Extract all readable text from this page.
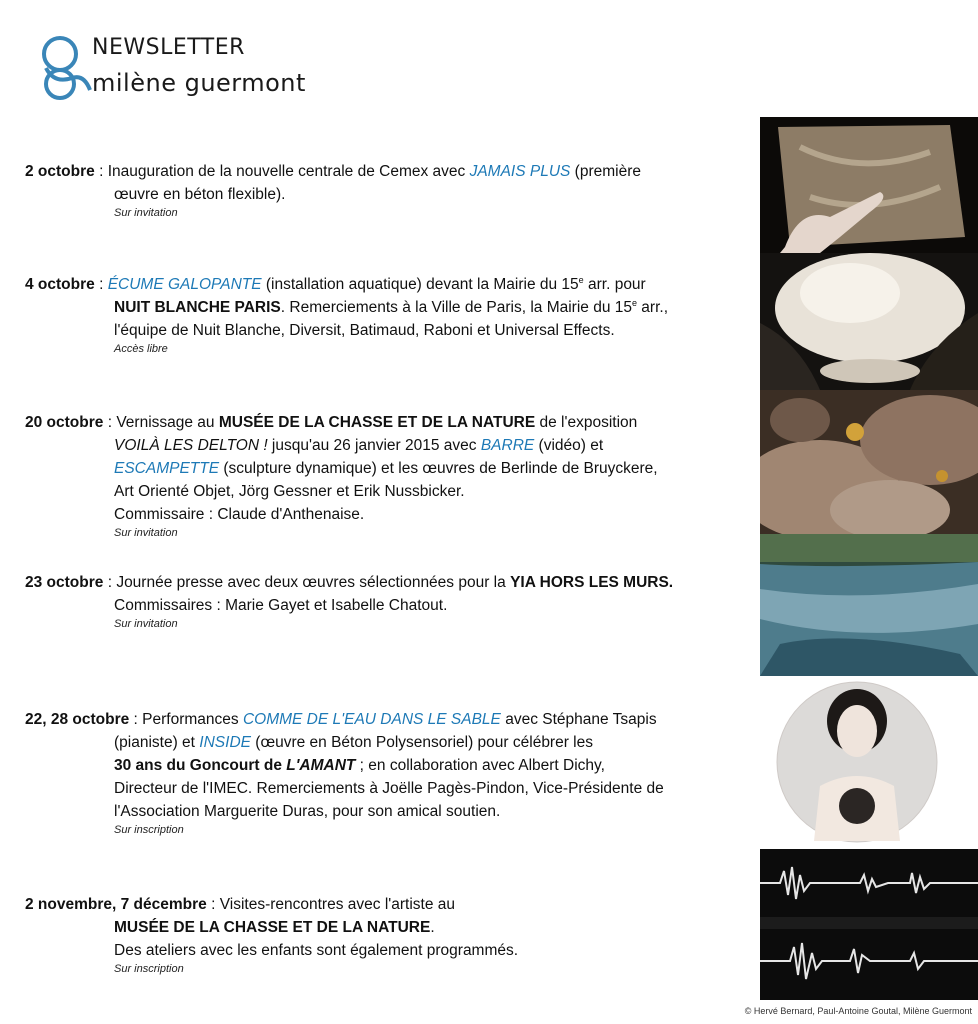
NEWSLETTER
milène guermont
2 octobre : Inauguration de la nouvelle centrale de Cemex avec JAMAIS PLUS (première
œuvre en béton flexible).
Sur invitation
4 octobre : ÉCUME GALOPANTE (installation aquatique) devant la Mairie du 15e arr. pour
NUIT BLANCHE PARIS. Remerciements à la Ville de Paris, la Mairie du 15e arr.,
l'équipe de Nuit Blanche, Diversit, Batimaud, Raboni et Universal Effects.
Accès libre
20 octobre : Vernissage au MUSÉE DE LA CHASSE ET DE LA NATURE de l'exposition
VOILÀ LES DELTON ! jusqu'au 26 janvier 2015 avec BARRE (vidéo) et
ESCAMPETTE (sculpture dynamique) et les œuvres de Berlinde de Bruyckere,
Art Orienté Objet, Jörg Gessner et Erik Nussbicker.
Commissaire : Claude d'Anthenaise.
Sur invitation
23 octobre : Journée presse avec deux œuvres sélectionnées pour la YIA HORS LES MURS.
Commissaires : Marie Gayet et Isabelle Chatout.
Sur invitation
22, 28 octobre : Performances COMME DE L'EAU DANS LE SABLE avec Stéphane Tsapis
(pianiste) et INSIDE (œuvre en Béton Polysensoriel) pour célébrer les
30 ans du Goncourt de L'AMANT ; en collaboration avec Albert Dichy,
Directeur de l'IMEC. Remerciements à Joëlle Pagès-Pindon, Vice-Présidente de
l'Association Marguerite Duras, pour son amical soutien.
Sur inscription
2 novembre, 7 décembre : Visites-rencontres avec l'artiste au
MUSÉE DE LA CHASSE ET DE LA NATURE.
Des ateliers avec les enfants sont également programmés.
Sur inscription
© Hervé Bernard, Paul-Antoine Goutal, Milène Guermont
